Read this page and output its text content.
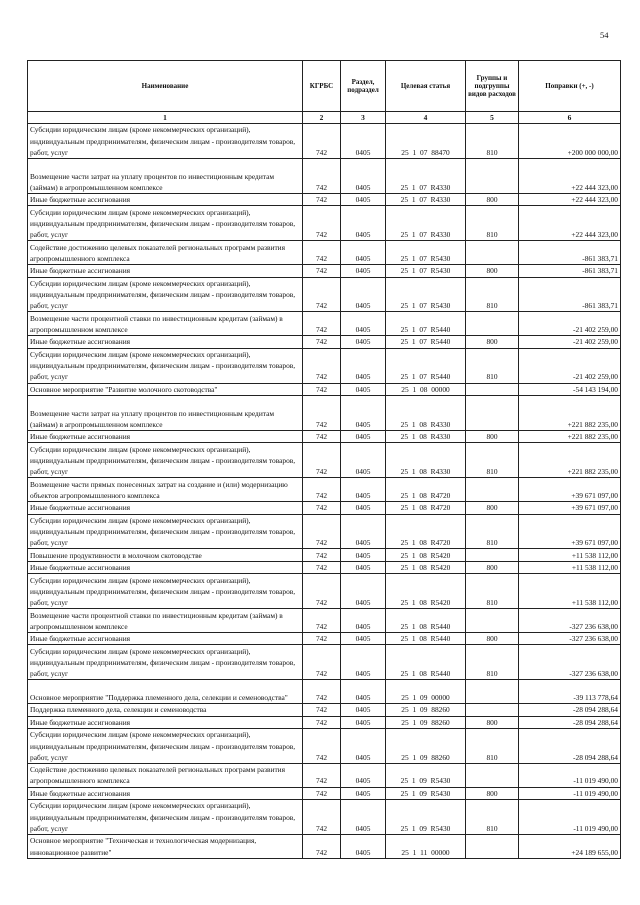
54
Наименование	КГРБС	Раздел, подраздел	Целевая статья	Группы и подгруппы видов расходов	Поправки (+, -)
1	2	3	4	5	6
Субсидии юридическим лицам (кроме некоммерческих организаций), индивидуальным предпринимателям, физическим лицам - производителям товаров, работ, услуг	742	0405	25 1 07 88470	810	+200 000 000,00
Возмещение части затрат на уплату процентов по инвестиционным кредитам (займам) в агропромышленном комплексе	742	0405	25 1 07 R4330		+22 444 323,00
Иные бюджетные ассигнования	742	0405	25 1 07 R4330	800	+22 444 323,00
Субсидии юридическим лицам (кроме некоммерческих организаций), индивидуальным предпринимателям, физическим лицам - производителям товаров, работ, услуг	742	0405	25 1 07 R4330	810	+22 444 323,00
Содействие достижению целевых показателей региональных программ развития агропромышленного комплекса	742	0405	25 1 07 R5430		-861 383,71
Иные бюджетные ассигнования	742	0405	25 1 07 R5430	800	-861 383,71
Субсидии юридическим лицам (кроме некоммерческих организаций), индивидуальным предпринимателям, физическим лицам - производителям товаров, работ, услуг	742	0405	25 1 07 R5430	810	-861 383,71
Возмещение части процентной ставки по инвестиционным кредитам (займам) в агропромышленном комплексе	742	0405	25 1 07 R5440		-21 402 259,00
Иные бюджетные ассигнования	742	0405	25 1 07 R5440	800	-21 402 259,00
Субсидии юридическим лицам (кроме некоммерческих организаций), индивидуальным предпринимателям, физическим лицам - производителям товаров, работ, услуг	742	0405	25 1 07 R5440	810	-21 402 259,00
Основное мероприятие "Развитие молочного скотоводства"	742	0405	25 1 08 00000		-54 143 194,00
Возмещение части затрат на уплату процентов по инвестиционным кредитам (займам) в агропромышленном комплексе	742	0405	25 1 08 R4330		+221 882 235,00
Иные бюджетные ассигнования	742	0405	25 1 08 R4330	800	+221 882 235,00
Субсидии юридическим лицам (кроме некоммерческих организаций), индивидуальным предпринимателям, физическим лицам - производителям товаров, работ, услуг	742	0405	25 1 08 R4330	810	+221 882 235,00
Возмещение части прямых понесенных затрат на создание и (или) модернизацию объектов агропромышленного комплекса	742	0405	25 1 08 R4720		+39 671 097,00
Иные бюджетные ассигнования	742	0405	25 1 08 R4720	800	+39 671 097,00
Субсидии юридическим лицам (кроме некоммерческих организаций), индивидуальным предпринимателям, физическим лицам - производителям товаров, работ, услуг	742	0405	25 1 08 R4720	810	+39 671 097,00
Повышение продуктивности в молочном скотоводстве	742	0405	25 1 08 R5420		+11 538 112,00
Иные бюджетные ассигнования	742	0405	25 1 08 R5420	800	+11 538 112,00
Субсидии юридическим лицам (кроме некоммерческих организаций), индивидуальным предпринимателям, физическим лицам - производителям товаров, работ, услуг	742	0405	25 1 08 R5420	810	+11 538 112,00
Возмещение части процентной ставки по инвестиционным кредитам (займам) в агропромышленном комплексе	742	0405	25 1 08 R5440		-327 236 638,00
Иные бюджетные ассигнования	742	0405	25 1 08 R5440	800	-327 236 638,00
Субсидии юридическим лицам (кроме некоммерческих организаций), индивидуальным предпринимателям, физическим лицам - производителям товаров, работ, услуг	742	0405	25 1 08 R5440	810	-327 236 638,00
Основное мероприятие "Поддержка племенного дела, селекции и семеноводства"	742	0405	25 1 09 00000		-39 113 778,64
Поддержка племенного дела, селекции и семеноводства	742	0405	25 1 09 88260		-28 094 288,64
Иные бюджетные ассигнования	742	0405	25 1 09 88260	800	-28 094 288,64
Субсидии юридическим лицам (кроме некоммерческих организаций), индивидуальным предпринимателям, физическим лицам - производителям товаров, работ, услуг	742	0405	25 1 09 88260	810	-28 094 288,64
Содействие достижению целевых показателей региональных программ развития агропромышленного комплекса	742	0405	25 1 09 R5430		-11 019 490,00
Иные бюджетные ассигнования	742	0405	25 1 09 R5430	800	-11 019 490,00
Субсидии юридическим лицам (кроме некоммерческих организаций), индивидуальным предпринимателям, физическим лицам - производителям товаров, работ, услуг	742	0405	25 1 09 R5430	810	-11 019 490,00
Основное мероприятие "Техническая и технологическая модернизация, инновационное развитие"	742	0405	25 1 11 00000		+24 189 655,00
